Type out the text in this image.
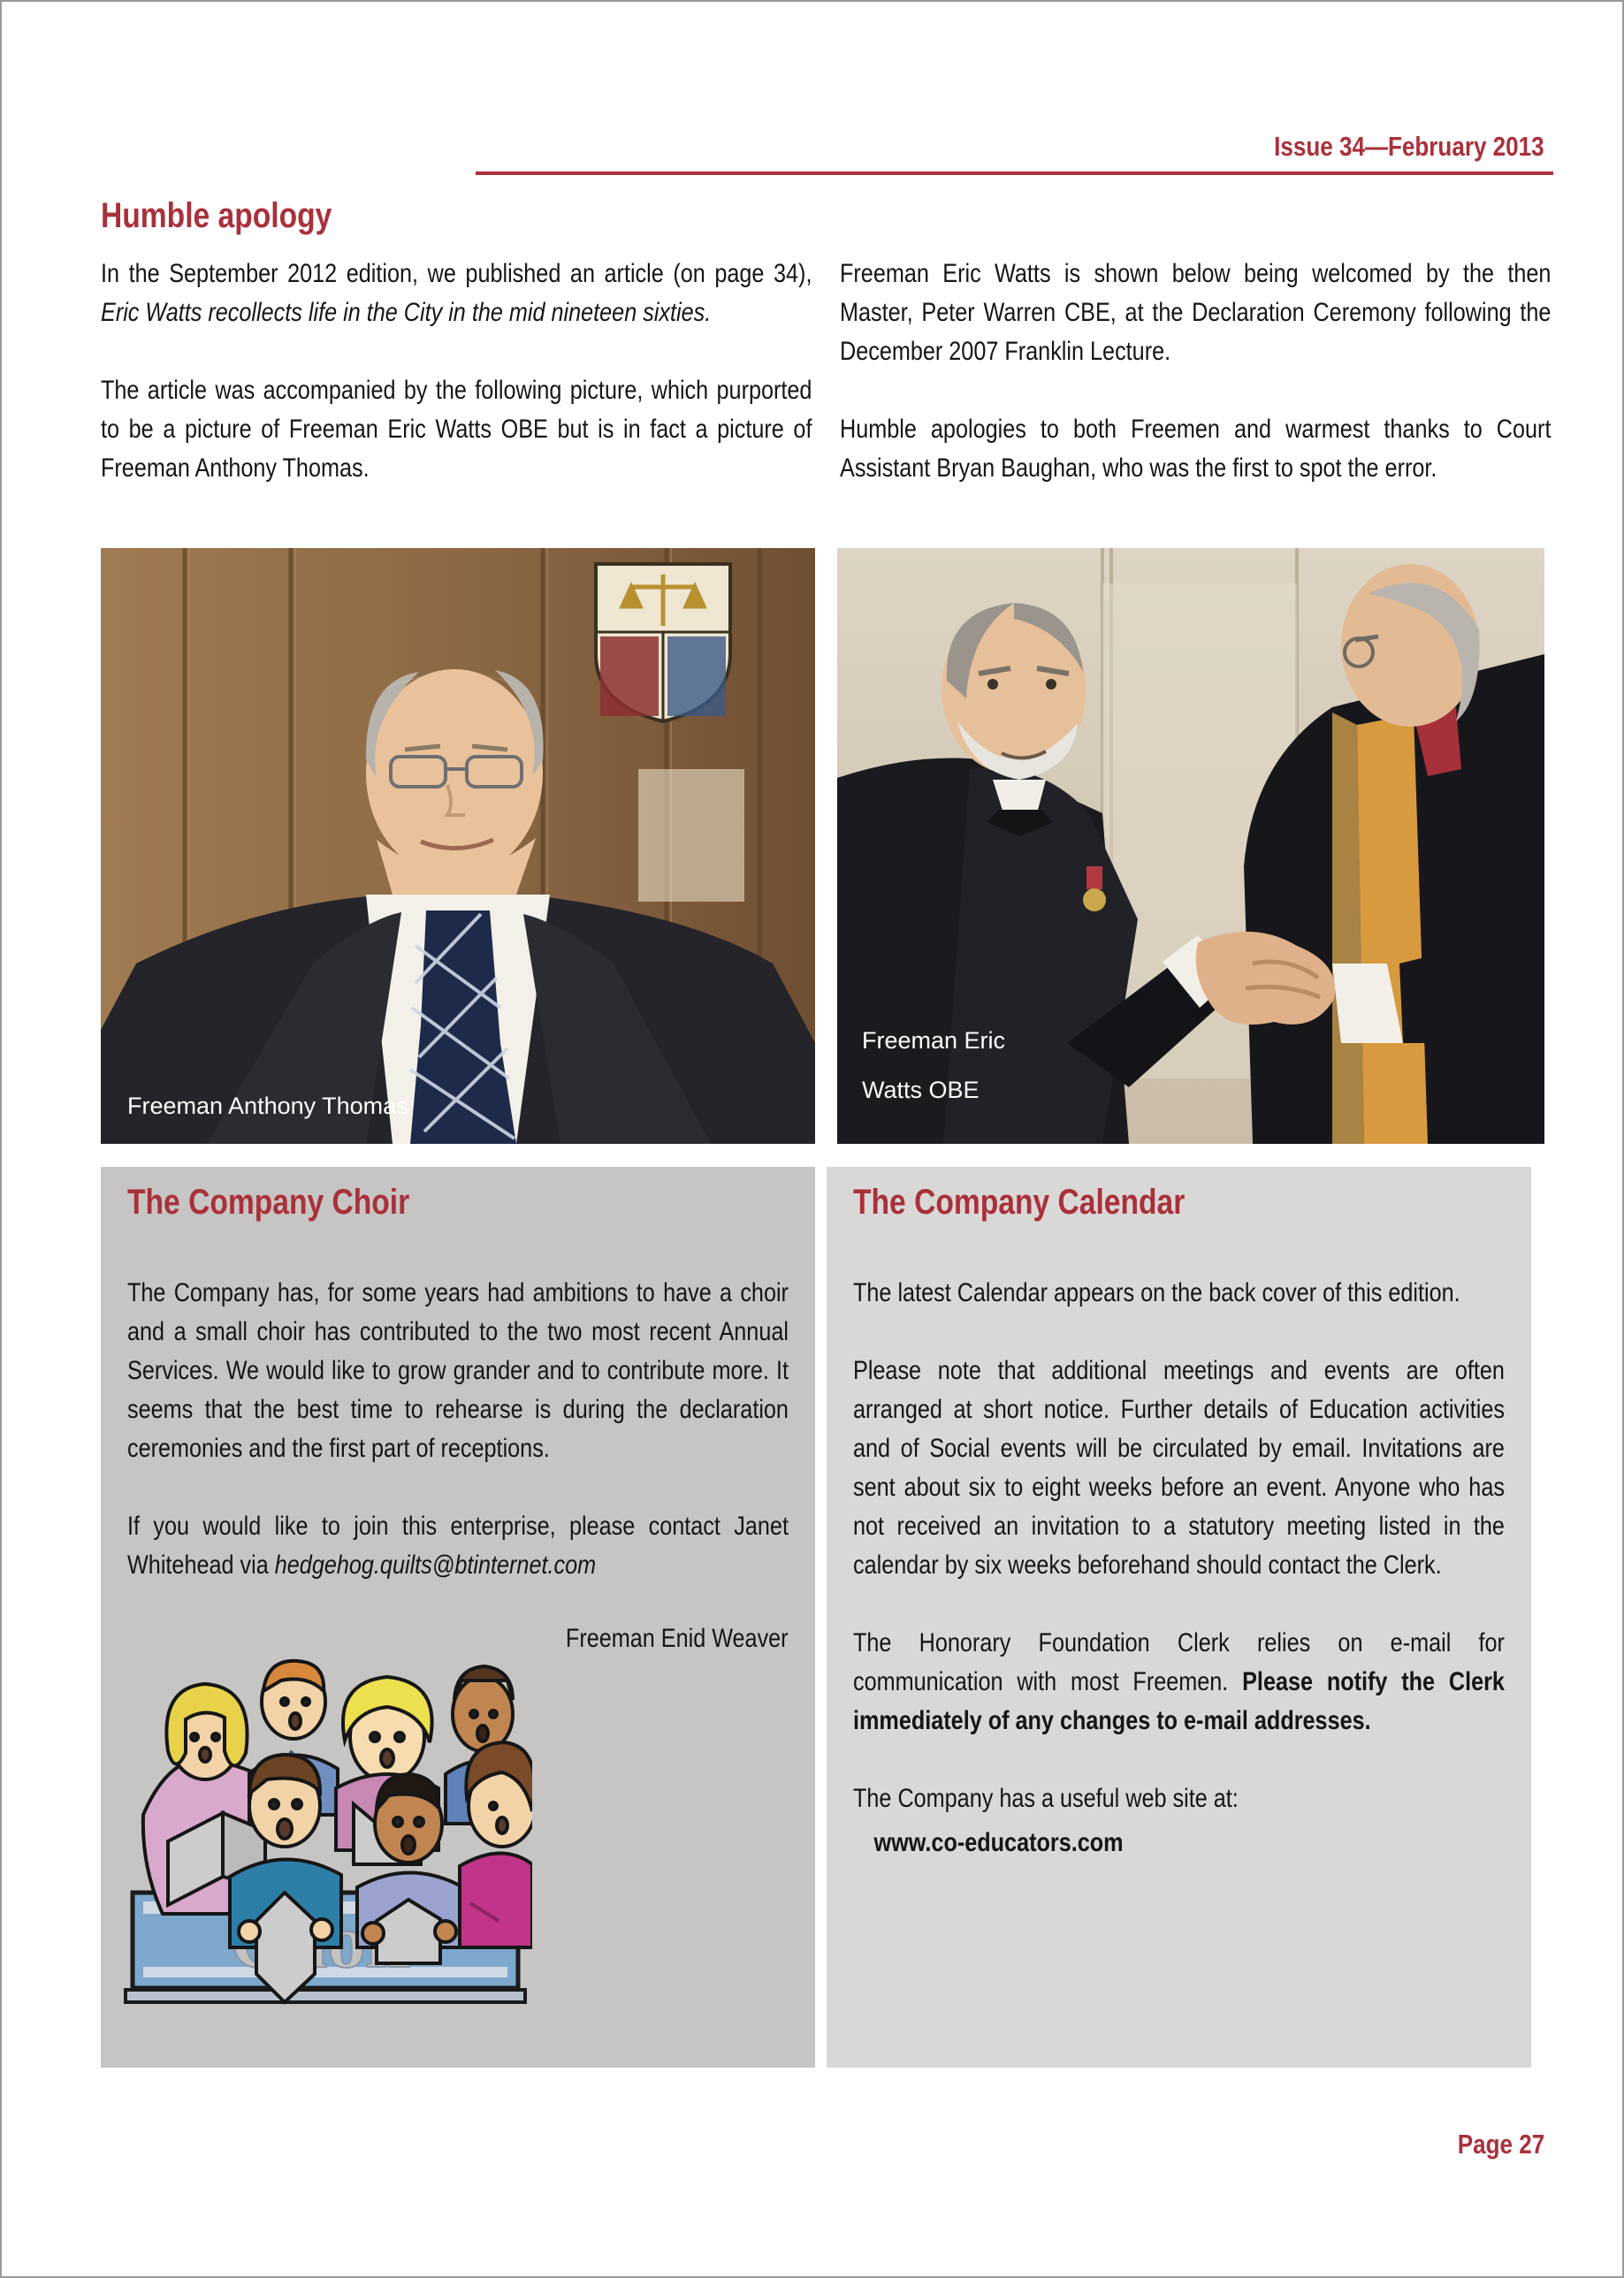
Issue 34—February 2013
Humble apology

In the September 2012 edition, we published an article (on page 34), Eric Watts recollects life in the City in the mid nineteen sixties.

The article was accompanied by the following picture, which purported to be a picture of Freeman Eric Watts OBE but is in fact a picture of Freeman Anthony Thomas.

Freeman Eric Watts is shown below being welcomed by the then Master, Peter Warren CBE, at the Declaration Ceremony following the December 2007 Franklin Lecture.

Humble apologies to both Freemen and warmest thanks to Court Assistant Bryan Baughan, who was the first to spot the error.

Freeman Anthony Thomas
Freeman Eric
Watts OBE
The Company Choir

The Company has, for some years had ambitions to have a choir and a small choir has contributed to the two most recent Annual Services. We would like to grow grander and to contribute more. It seems that the best time to rehearse is during the declaration ceremonies and the first part of receptions.

If you would like to join this enterprise, please contact Janet Whitehead via hedgehog.quilts@btinternet.com

Freeman Enid Weaver
The Company Calendar

The latest Calendar appears on the back cover of this edition.

Please note that additional meetings and events are often arranged at short notice. Further details of Education activities and of Social events will be circulated by email. Invitations are sent about six to eight weeks before an event. Anyone who has not received an invitation to a statutory meeting listed in the calendar by six weeks beforehand should contact the Clerk.

The Honorary Foundation Clerk relies on e-mail for communication with most Freemen. Please notify the Clerk immediately of any changes to e-mail addresses.

The Company has a useful web site at:

www.co-educators.com

Page 27
